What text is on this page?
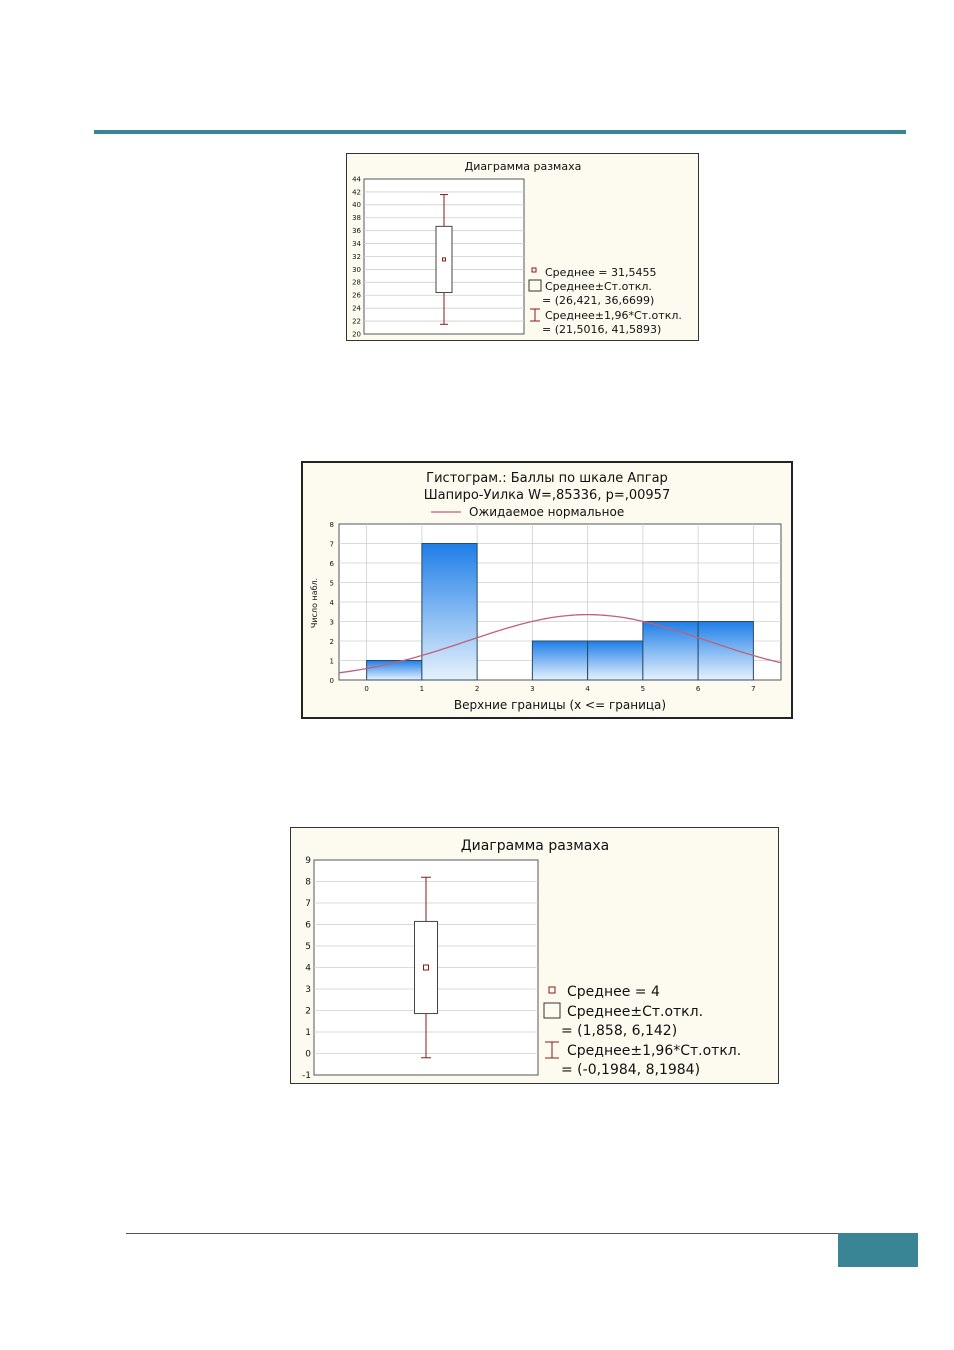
Диаграмма размаха
20
22
24
26
28
30
32
34
36
38
40
42
44
Среднее = 31,5455
Среднее±Ст.откл.
= (26,421, 36,6699)
Среднее±1,96*Ст.откл.
= (21,5016, 41,5893)
Гистограм.: Баллы по шкале Апгар
Шапиро-Уилка W=,85336, p=,00957
Ожидаемое нормальное
0
1
2
3
4
5
6
7
8
0	1	2	3	4	5	6	7
Число набл.
Верхние границы (x <= граница)
Диаграмма размаха
-1
0
1
2
3
4
5
6
7
8
9
Среднее = 4
Среднее±Ст.откл.
= (1,858, 6,142)
Среднее±1,96*Ст.откл.
= (-0,1984, 8,1984)
